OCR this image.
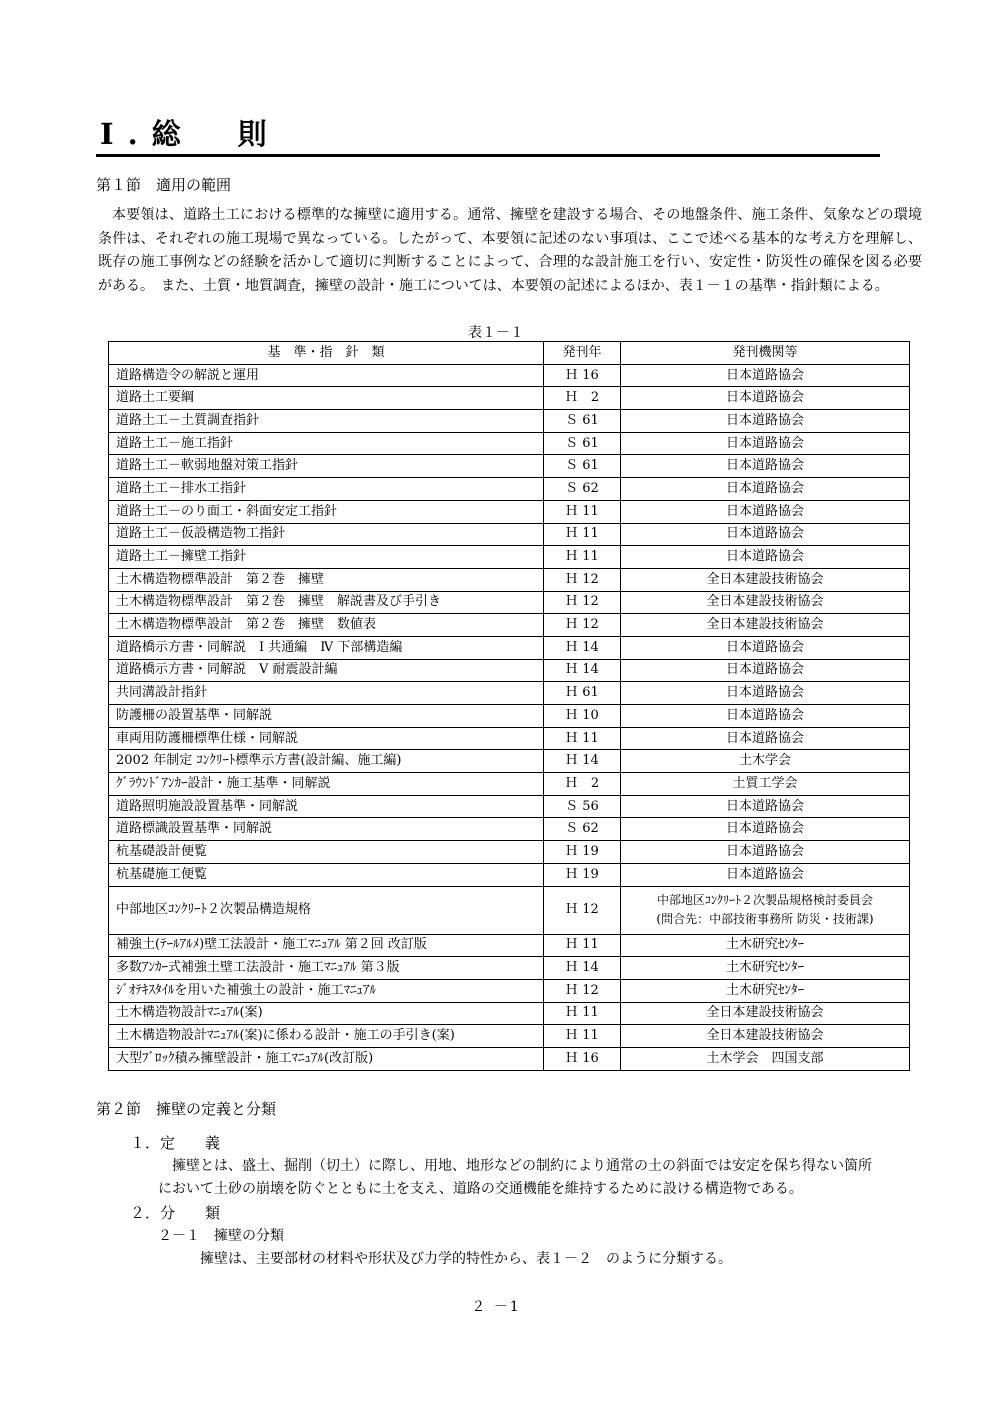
Ⅰ.総　則
第１節　適用の範囲
本要領は、道路土工における標準的な擁壁に適用する。通常、擁壁を建設する場合、その地盤条件、施工条件、気象などの環境条件は、それぞれの施工現場で異なっている。したがって、本要領に記述のない事項は、ここで述べる基本的な考え方を理解し、既存の施工事例などの経験を活かして適切に判断することによって、合理的な設計施工を行い、安定性・防災性の確保を図る必要がある。　また、土質・地質調査，擁壁の設計・施工については、本要領の記述によるほか、表１－１の基準・指針類による。
表１－１
基　準・指　針　類	発刊年	発刊機関等
道路構造令の解説と運用	Ｈ 16	日本道路協会
道路土工要綱	Ｈ　2	日本道路協会
道路土工－土質調査指針	Ｓ 61	日本道路協会
道路土工－施工指針	Ｓ 61	日本道路協会
道路土工－軟弱地盤対策工指針	Ｓ 61	日本道路協会
道路土工－排水工指針	Ｓ 62	日本道路協会
道路土工－のり面工・斜面安定工指針	Ｈ 11	日本道路協会
道路土工－仮設構造物工指針	Ｈ 11	日本道路協会
道路土工－擁壁工指針	Ｈ 11	日本道路協会
土木構造物標準設計　第２巻　擁壁	Ｈ 12	全日本建設技術協会
土木構造物標準設計　第２巻　擁壁　解説書及び手引き	Ｈ 12	全日本建設技術協会
土木構造物標準設計　第２巻　擁壁　数値表	Ｈ 12	全日本建設技術協会
道路橋示方書・同解説　Ⅰ 共通編　Ⅳ 下部構造編	Ｈ 14	日本道路協会
道路橋示方書・同解説　Ⅴ 耐震設計編	Ｈ 14	日本道路協会
共同溝設計指針	Ｈ 61	日本道路協会
防護柵の設置基準・同解説	Ｈ 10	日本道路協会
車両用防護柵標準仕様・同解説	Ｈ 11	日本道路協会
2002 年制定 ｺﾝｸﾘｰﾄ標準示方書(設計編、施工編)	Ｈ 14	土木学会
ｸﾞﾗｳﾝﾄﾞｱﾝｶｰ設計・施工基準・同解説	Ｈ　2	土質工学会
道路照明施設設置基準・同解説	Ｓ 56	日本道路協会
道路標識設置基準・同解説	Ｓ 62	日本道路協会
杭基礎設計便覧	Ｈ 19	日本道路協会
杭基礎施工便覧	Ｈ 19	日本道路協会
中部地区ｺﾝｸﾘｰﾄ２次製品構造規格	Ｈ 12	中部地区ｺﾝｸﾘｰﾄ２次製品規格検討委員会
(問合先：中部技術事務所 防災・技術課)

補強土(ﾃｰﾙｱﾙﾒ)壁工法設計・施工ﾏﾆｭｱﾙ 第２回 改訂版	Ｈ 11	土木研究ｾﾝﾀｰ
多数ｱﾝｶｰ式補強土壁工法設計・施工ﾏﾆｭｱﾙ 第３版	Ｈ 14	土木研究ｾﾝﾀｰ
ｼﾞｵﾃｷｽﾀｲﾙを用いた補強土の設計・施工ﾏﾆｭｱﾙ	Ｈ 12	土木研究ｾﾝﾀｰ
土木構造物設計ﾏﾆｭｱﾙ(案)	Ｈ 11	全日本建設技術協会
土木構造物設計ﾏﾆｭｱﾙ(案)に係わる設計・施工の手引き(案)	Ｈ 11	全日本建設技術協会
大型ﾌﾞﾛｯｸ積み擁壁設計・施工ﾏﾆｭｱﾙ(改訂版)	Ｈ 16	土木学会　四国支部
第２節　擁壁の定義と分類
１．定　　義
擁壁とは、盛土、掘削（切土）に際し、用地、地形などの制約により通常の土の斜面では安定を保ち得ない箇所
において土砂の崩壊を防ぐとともに土を支え、道路の交通機能を維持するために設ける構造物である。
２．分　　類
２－１　擁壁の分類
擁壁は、主要部材の材料や形状及び力学的特性から、表１－２　のように分類する。
２ －1
